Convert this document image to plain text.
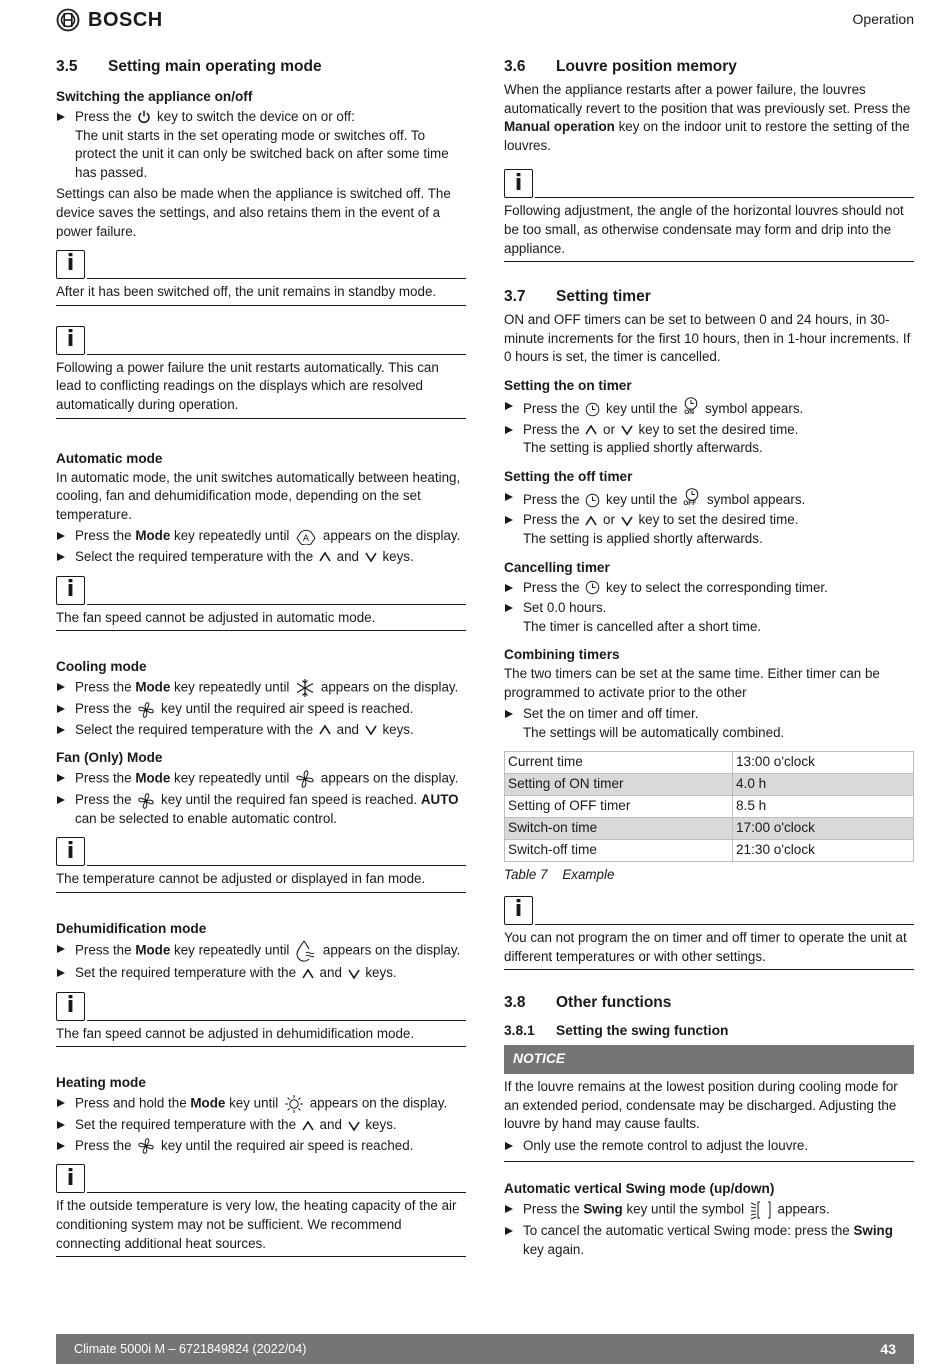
BOSCH	Operation
3.5	Setting main operating mode
Switching the appliance on/off
Press the key to switch the device on or off:
The unit starts in the set operating mode or switches off. To protect the unit it can only be switched back on after some time has passed.

Settings can also be made when the appliance is switched off. The device saves the settings, and also retains them in the event of a power failure.

i
After it has been switched off, the unit remains in standby mode.
i
Following a power failure the unit restarts automatically. This can lead to conflicting readings on the displays which are resolved automatically during operation.
Automatic mode

In automatic mode, the unit switches automatically between heating, cooling, fan and dehumidification mode, depending on the set temperature.

Press the Mode key repeatedly until A appears on the display.
Select the required temperature with the and keys.
i
The fan speed cannot be adjusted in automatic mode.
Cooling mode
Press the Mode key repeatedly until appears on the display.
Press the key until the required air speed is reached.
Select the required temperature with the and keys.
Fan (Only) Mode
Press the Mode key repeatedly until appears on the display.
Press the key until the required fan speed is reached. AUTO can be selected to enable automatic control.
i
The temperature cannot be adjusted or displayed in fan mode.
Dehumidification mode
Press the Mode key repeatedly until appears on the display.
Set the required temperature with the and keys.
i
The fan speed cannot be adjusted in dehumidification mode.
Heating mode
Press and hold the Mode key until appears on the display.
Set the required temperature with the and keys.
Press the key until the required air speed is reached.
i
If the outside temperature is very low, the heating capacity of the air conditioning system may not be sufficient. We recommend connecting additional heat sources.
3.6	Louvre position memory

When the appliance restarts after a power failure, the louvres automatically revert to the position that was previously set. Press the Manual operation key on the indoor unit to restore the setting of the louvres.

i
Following adjustment, the angle of the horizontal louvres should not be too small, as otherwise condensate may form and drip into the appliance.
3.7	Setting timer

ON and OFF timers can be set to between 0 and 24 hours, in 30-minute increments for the first 10 hours, then in 1-hour increments. If 0 hours is set, the timer is cancelled.

Setting the on timer
Press the key until the ON symbol appears.
Press the or key to set the desired time.
The setting is applied shortly afterwards.
Setting the off timer
Press the key until the OFF symbol appears.
Press the or key to set the desired time.
The setting is applied shortly afterwards.
Cancelling timer
Press the key to select the corresponding timer.
Set 0.0 hours.
The timer is cancelled after a short time.
Combining timers

The two timers can be set at the same time. Either timer can be programmed to activate prior to the other

Set the on timer and off timer.
The settings will be automatically combined.
Current time	13:00 o'clock
Setting of ON timer	4.0 h
Setting of OFF timer	8.5 h
Switch-on time	17:00 o'clock
Switch-off time	21:30 o'clock
Table 7    Example
i
You can not program the on timer and off timer to operate the unit at different temperatures or with other settings.
3.8	Other functions
3.8.1	Setting the swing function
NOTICE

If the louvre remains at the lowest position during cooling mode for an extended period, condensate may be discharged. Adjusting the louvre by hand may cause faults.

Only use the remote control to adjust the louvre.
Automatic vertical Swing mode (up/down)
Press the Swing key until the symbol appears.
To cancel the automatic vertical Swing mode: press the Swing key again.
Climate 5000i M – 6721849824 (2022/04)	43
